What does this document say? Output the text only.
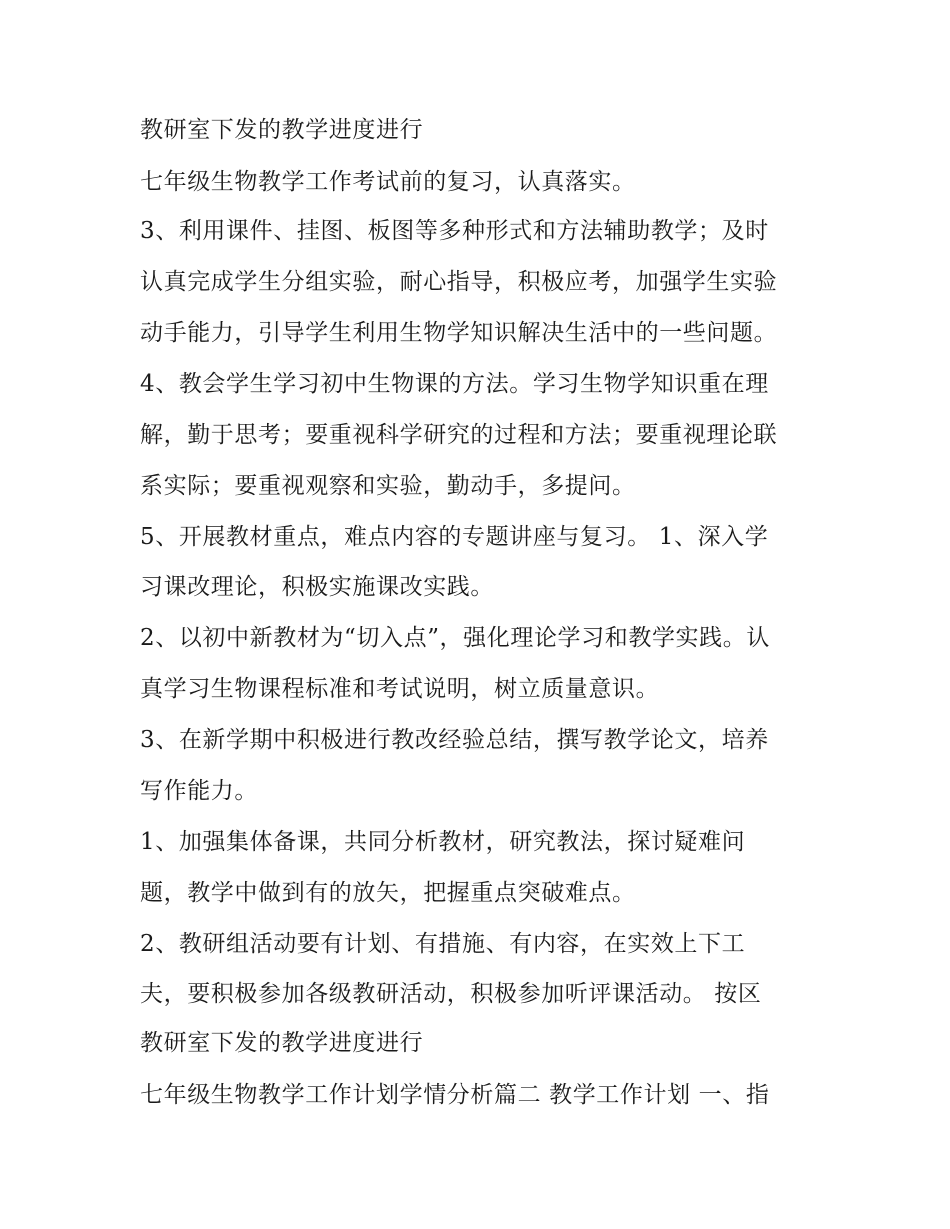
教研室下发的教学进度进行
七年级生物教学工作考试前的复习，认真落实。
3、利用课件、挂图、板图等多种形式和方法辅助教学；及时
认真完成学生分组实验，耐心指导，积极应考，加强学生实验
动手能力，引导学生利用生物学知识解决生活中的一些问题。
4、教会学生学习初中生物课的方法。学习生物学知识重在理
解，勤于思考；要重视科学研究的过程和方法；要重视理论联
系实际；要重视观察和实验，勤动手，多提问。
5、开展教材重点，难点内容的专题讲座与复习。 1、深入学
习课改理论，积极实施课改实践。
2、以初中新教材为“切入点”，强化理论学习和教学实践。认
真学习生物课程标准和考试说明，树立质量意识。
3、在新学期中积极进行教改经验总结，撰写教学论文，培养
写作能力。
1、加强集体备课，共同分析教材，研究教法，探讨疑难问
题，教学中做到有的放矢，把握重点突破难点。
2、教研组活动要有计划、有措施、有内容，在实效上下工
夫，要积极参加各级教研活动，积极参加听评课活动。 按区
教研室下发的教学进度进行
七年级生物教学工作计划学情分析篇二 教学工作计划 一、指
